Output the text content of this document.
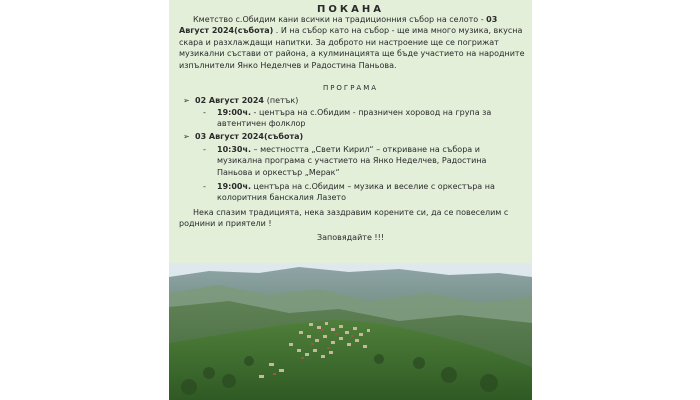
ПОКАНА

Кметство с.Обидим кани всички на традиционния събор на селото - 03 Август 2024(събота) . И на събор като на събор - ще има много музика, вкусна скара и разхлаждащи напитки. За доброто ни настроение ще се погрижат музикални състави от района, а кулминацията ще бъде участието на народните изпълнители Янко Неделчев и Радостина Паньова.

ПРОГРАМА
➢ 02 Август 2024 (петък)
- 19:00ч. - центъра на с.Обидим - празничен хоровод на група за автентичен фолклор
➢ 03 Август 2024(събота)
- 10:30ч. – местността „Свети Кирил“ – откриване на събора и музикална програма с участието на Янко Неделчев, Радостина Паньова и оркестър „Мерак“
- 19:00ч. центъра на с.Обидим – музика и веселие с оркестъра на колоритния банскалия Лазето

Нека спазим традицията, нека заздравим корените си, да се повеселим с роднини и приятели !

Заповядайте !!!
